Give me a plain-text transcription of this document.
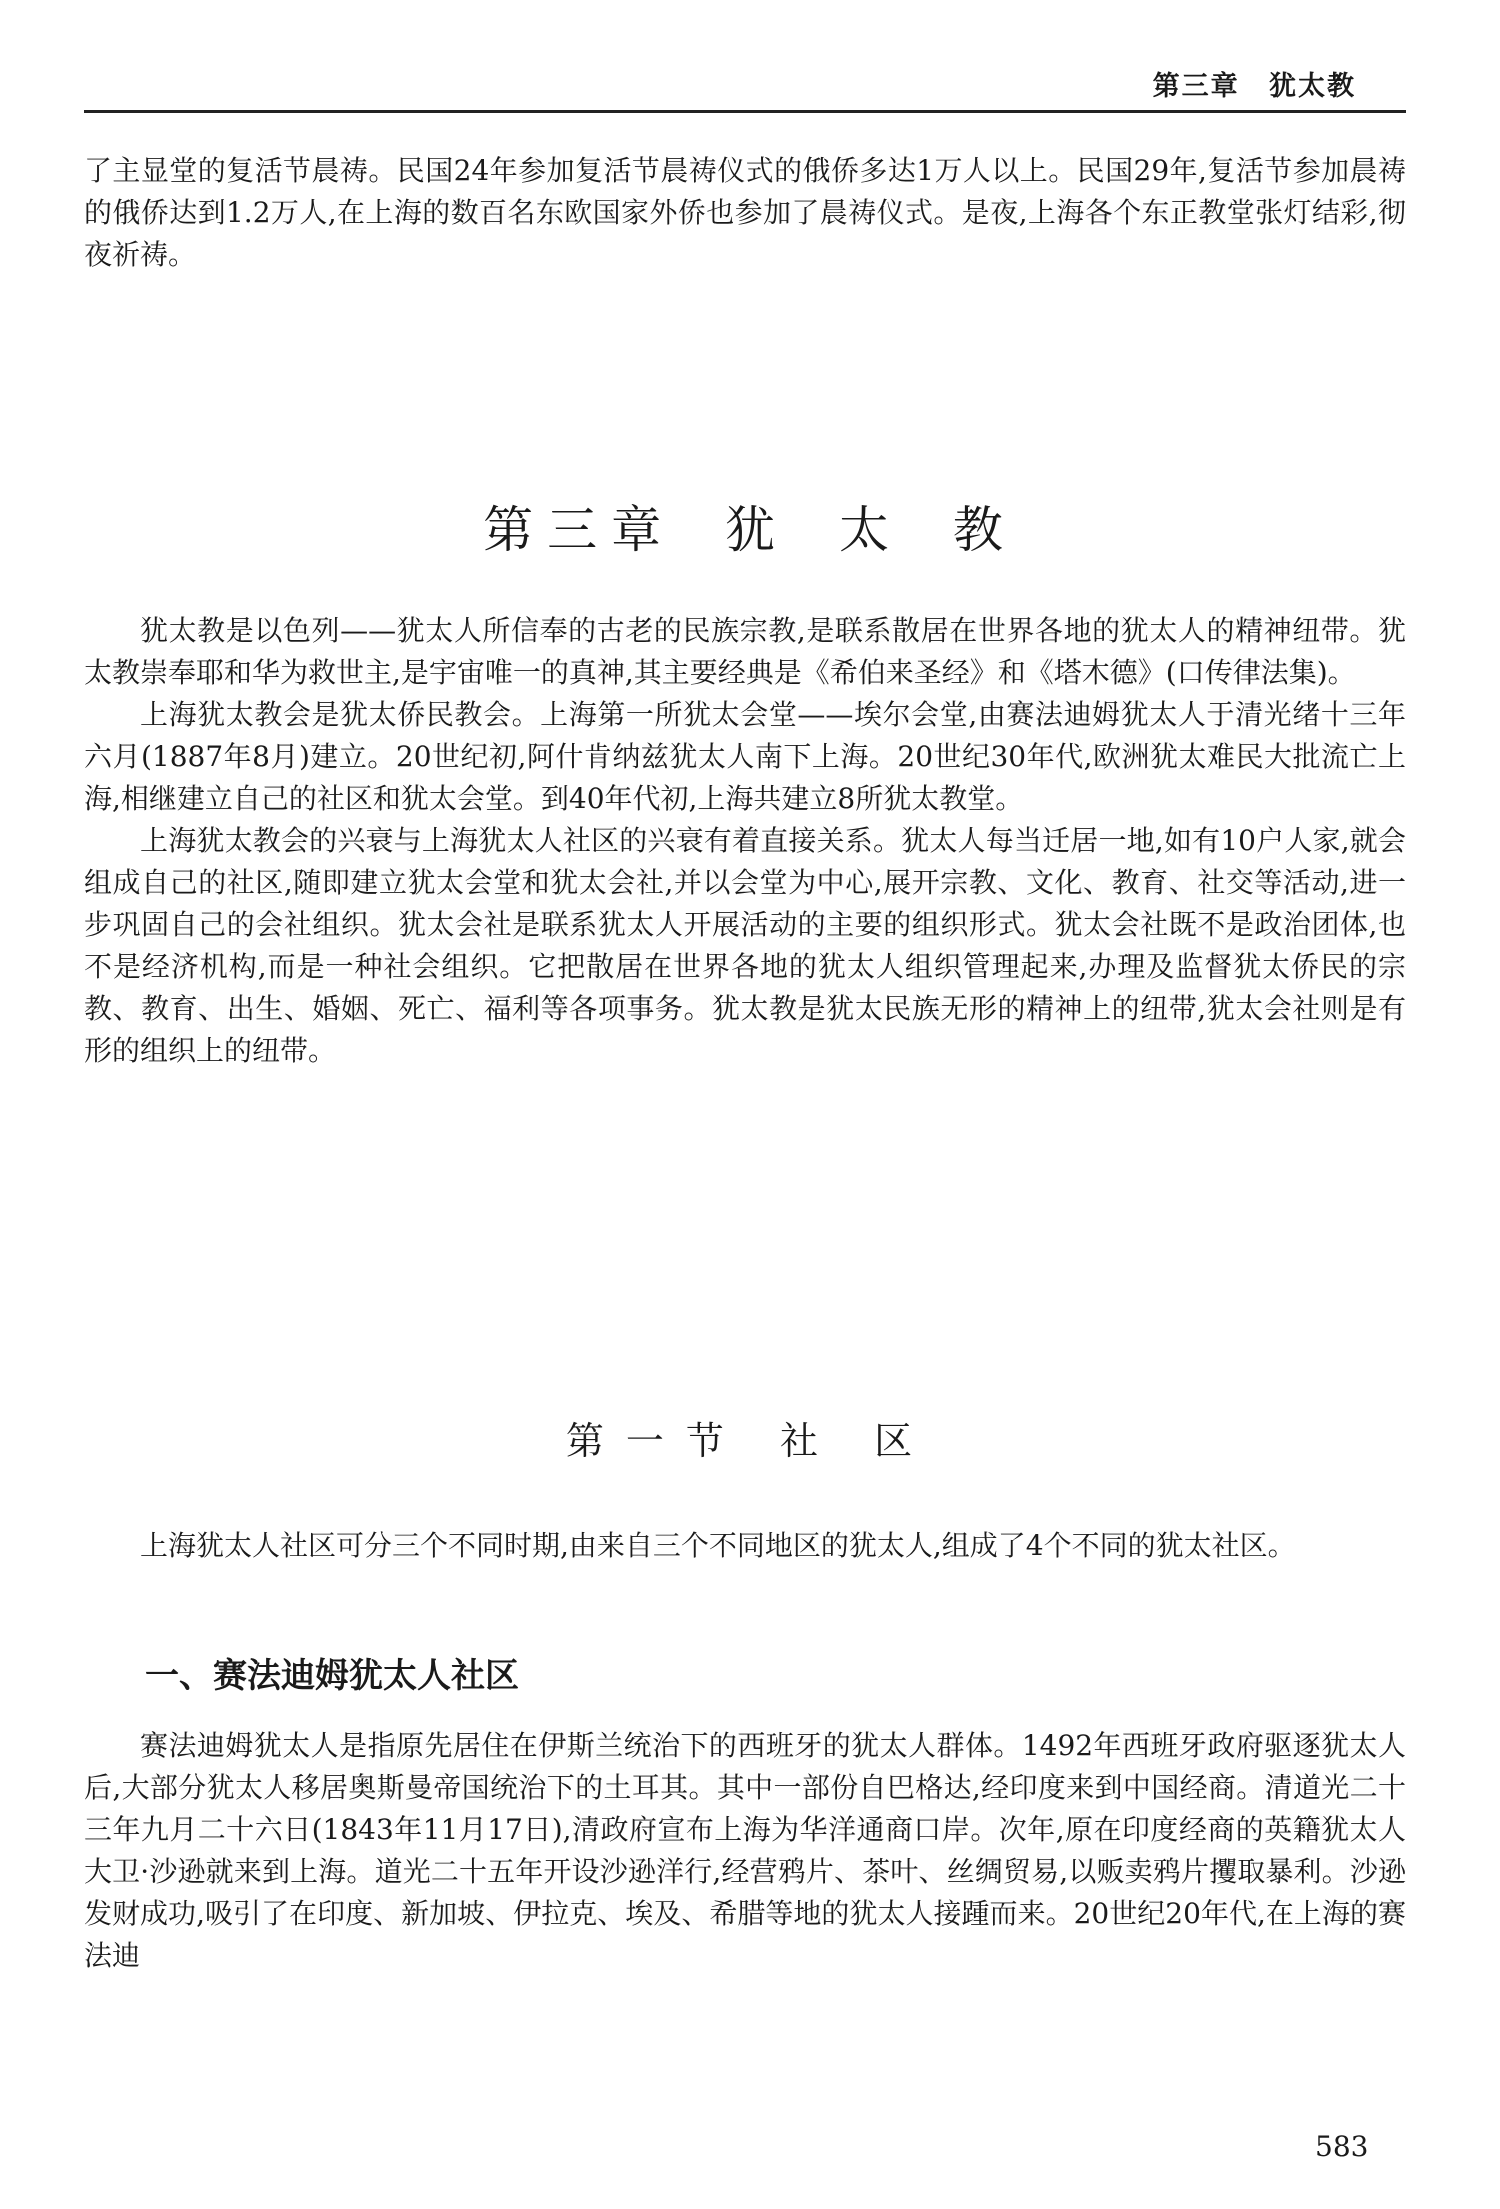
第三章 犹太教

了主显堂的复活节晨祷。民国24年参加复活节晨祷仪式的俄侨多达1万人以上。民国29年,复活节参加晨祷的俄侨达到1.2万人,在上海的数百名东欧国家外侨也参加了晨祷仪式。是夜,上海各个东正教堂张灯结彩,彻夜祈祷。

第三章 犹 太 教

犹太教是以色列——犹太人所信奉的古老的民族宗教,是联系散居在世界各地的犹太人的精神纽带。犹太教崇奉耶和华为救世主,是宇宙唯一的真神,其主要经典是《希伯来圣经》和《塔木德》(口传律法集)。

上海犹太教会是犹太侨民教会。上海第一所犹太会堂——埃尔会堂,由赛法迪姆犹太人于清光绪十三年六月(1887年8月)建立。20世纪初,阿什肯纳兹犹太人南下上海。20世纪30年代,欧洲犹太难民大批流亡上海,相继建立自己的社区和犹太会堂。到40年代初,上海共建立8所犹太教堂。

上海犹太教会的兴衰与上海犹太人社区的兴衰有着直接关系。犹太人每当迁居一地,如有10户人家,就会组成自己的社区,随即建立犹太会堂和犹太会社,并以会堂为中心,展开宗教、文化、教育、社交等活动,进一步巩固自己的会社组织。犹太会社是联系犹太人开展活动的主要的组织形式。犹太会社既不是政治团体,也不是经济机构,而是一种社会组织。它把散居在世界各地的犹太人组织管理起来,办理及监督犹太侨民的宗教、教育、出生、婚姻、死亡、福利等各项事务。犹太教是犹太民族无形的精神上的纽带,犹太会社则是有形的组织上的纽带。

第一节 社 区

上海犹太人社区可分三个不同时期,由来自三个不同地区的犹太人,组成了4个不同的犹太社区。

一、赛法迪姆犹太人社区

赛法迪姆犹太人是指原先居住在伊斯兰统治下的西班牙的犹太人群体。1492年西班牙政府驱逐犹太人后,大部分犹太人移居奥斯曼帝国统治下的土耳其。其中一部份自巴格达,经印度来到中国经商。清道光二十三年九月二十六日(1843年11月17日),清政府宣布上海为华洋通商口岸。次年,原在印度经商的英籍犹太人大卫·沙逊就来到上海。道光二十五年开设沙逊洋行,经营鸦片、茶叶、丝绸贸易,以贩卖鸦片攫取暴利。沙逊发财成功,吸引了在印度、新加坡、伊拉克、埃及、希腊等地的犹太人接踵而来。20世纪20年代,在上海的赛法迪

583
